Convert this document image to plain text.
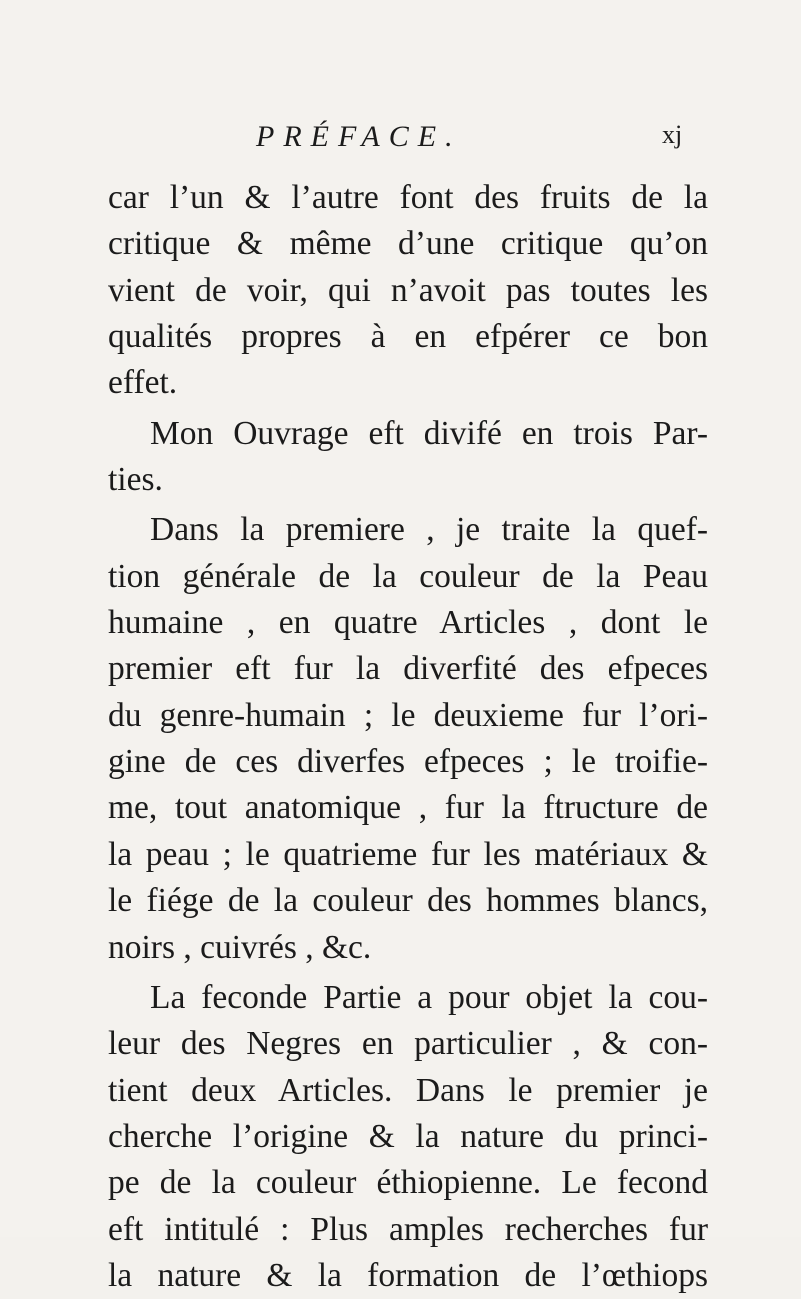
PRÉFACE.	xj
car l’un & l’autre font des fruits de la
critique & même d’une critique qu’on
vient de voir, qui n’avoit pas toutes les
qualités propres à en efpérer ce bon
effet.
Mon Ouvrage eft divifé en trois Par-
ties.
Dans la premiere , je traite la quef-
tion générale de la couleur de la Peau
humaine , en quatre Articles , dont le
premier eft fur la diverfité des efpeces
du genre-humain ; le deuxieme fur l’ori-
gine de ces diverfes efpeces ; le troifie-
me, tout anatomique , fur la ftructure de
la peau ; le quatrieme fur les matériaux &
le fiége de la couleur des hommes blancs,
noirs , cuivrés , &c.
La feconde Partie a pour objet la cou-
leur des Negres en particulier , & con-
tient deux Articles. Dans le premier je
cherche l’origine & la nature du princi-
pe de la couleur éthiopienne. Le fecond
eft intitulé : Plus amples recherches fur
la nature & la formation de l’œthiops
